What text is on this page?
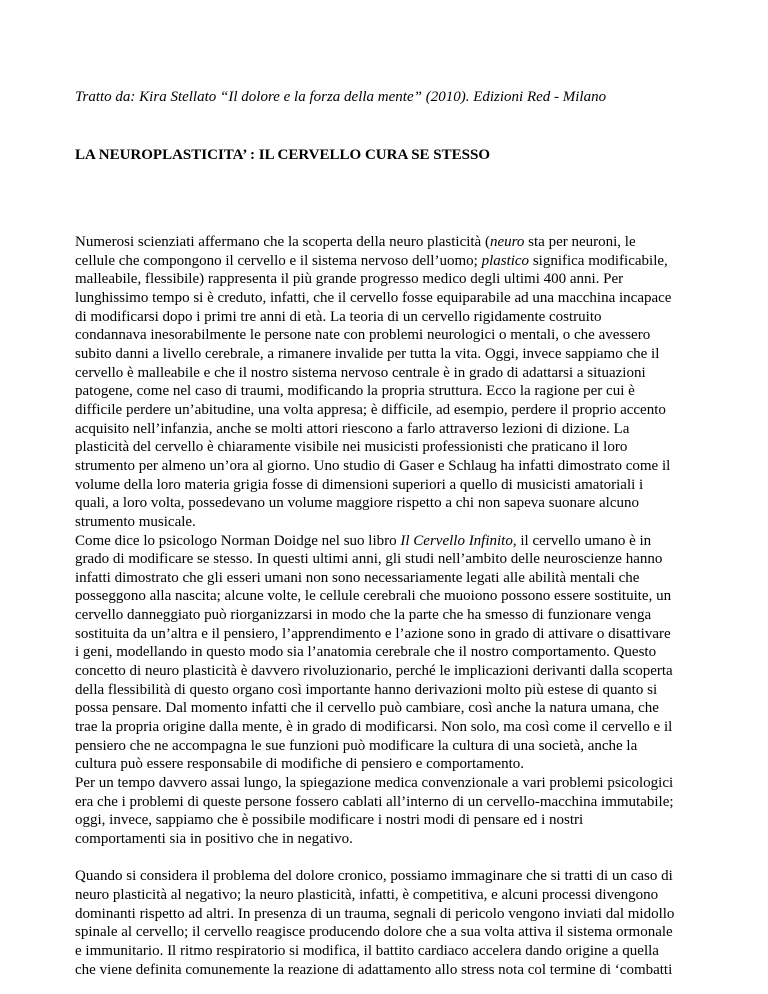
Tratto da: Kira Stellato “Il dolore e la forza della mente” (2010). Edizioni Red - Milano
LA NEUROPLASTICITA’ : IL CERVELLO CURA SE STESSO

Numerosi scienziati affermano che la scoperta della neuro plasticità (neuro sta per neuroni, le
cellule che compongono il cervello e il sistema nervoso dell’uomo; plastico significa modificabile,
malleabile, flessibile) rappresenta il più grande progresso medico degli ultimi 400 anni. Per
lunghissimo tempo si è creduto, infatti, che il cervello fosse equiparabile ad una macchina incapace
di modificarsi dopo i primi tre anni di età. La teoria di un cervello rigidamente costruito
condannava inesorabilmente le persone nate con problemi neurologici o mentali, o che avessero
subito danni a livello cerebrale, a rimanere invalide per tutta la vita. Oggi, invece sappiamo che il
cervello è malleabile e che il nostro sistema nervoso centrale è in grado di adattarsi a situazioni
patogene, come nel caso di traumi, modificando la propria struttura. Ecco la ragione per cui è
difficile perdere un’abitudine, una volta appresa; è difficile, ad esempio, perdere il proprio accento
acquisito nell’infanzia, anche se molti attori riescono a farlo attraverso lezioni di dizione. La
plasticità del cervello è chiaramente visibile nei musicisti professionisti che praticano il loro
strumento per almeno un’ora al giorno. Uno studio di Gaser e Schlaug ha infatti dimostrato come il
volume della loro materia grigia fosse di dimensioni superiori a quello di musicisti amatoriali i
quali, a loro volta, possedevano un volume maggiore rispetto a chi non sapeva suonare alcuno
strumento musicale.

Come dice lo psicologo Norman Doidge nel suo libro Il Cervello Infinito, il cervello umano è in
grado di modificare se stesso. In questi ultimi anni, gli studi nell’ambito delle neuroscienze hanno
infatti dimostrato che gli esseri umani non sono necessariamente legati alle abilità mentali che
posseggono alla nascita; alcune volte, le cellule cerebrali che muoiono possono essere sostituite, un
cervello danneggiato può riorganizzarsi in modo che la parte che ha smesso di funzionare venga
sostituita da un’altra e il pensiero, l’apprendimento e l’azione sono in grado di attivare o disattivare
i geni, modellando in questo modo sia l’anatomia cerebrale che il nostro comportamento. Questo
concetto di neuro plasticità è davvero rivoluzionario, perché le implicazioni derivanti dalla scoperta
della flessibilità di questo organo così importante hanno derivazioni molto più estese di quanto si
possa pensare. Dal momento infatti che il cervello può cambiare, così anche la natura umana, che
trae la propria origine dalla mente, è in grado di modificarsi. Non solo, ma così come il cervello e il
pensiero che ne accompagna le sue funzioni può modificare la cultura di una società, anche la
cultura può essere responsabile di modifiche di pensiero e comportamento.

Per un tempo davvero assai lungo, la spiegazione medica convenzionale a vari problemi psicologici
era che i problemi di queste persone fossero cablati all’interno di un cervello-macchina immutabile;
oggi, invece, sappiamo che è possibile modificare i nostri modi di pensare ed i nostri
comportamenti sia in positivo che in negativo.

Quando si considera il problema del dolore cronico, possiamo immaginare che si tratti di un caso di
neuro plasticità al negativo; la neuro plasticità, infatti, è competitiva, e alcuni processi divengono
dominanti rispetto ad altri. In presenza di un trauma, segnali di pericolo vengono inviati dal midollo
spinale al cervello; il cervello reagisce producendo dolore che a sua volta attiva il sistema ormonale
e immunitario. Il ritmo respiratorio si modifica, il battito cardiaco accelera dando origine a quella
che viene definita comunemente la reazione di adattamento allo stress nota col termine di ‘combatti
